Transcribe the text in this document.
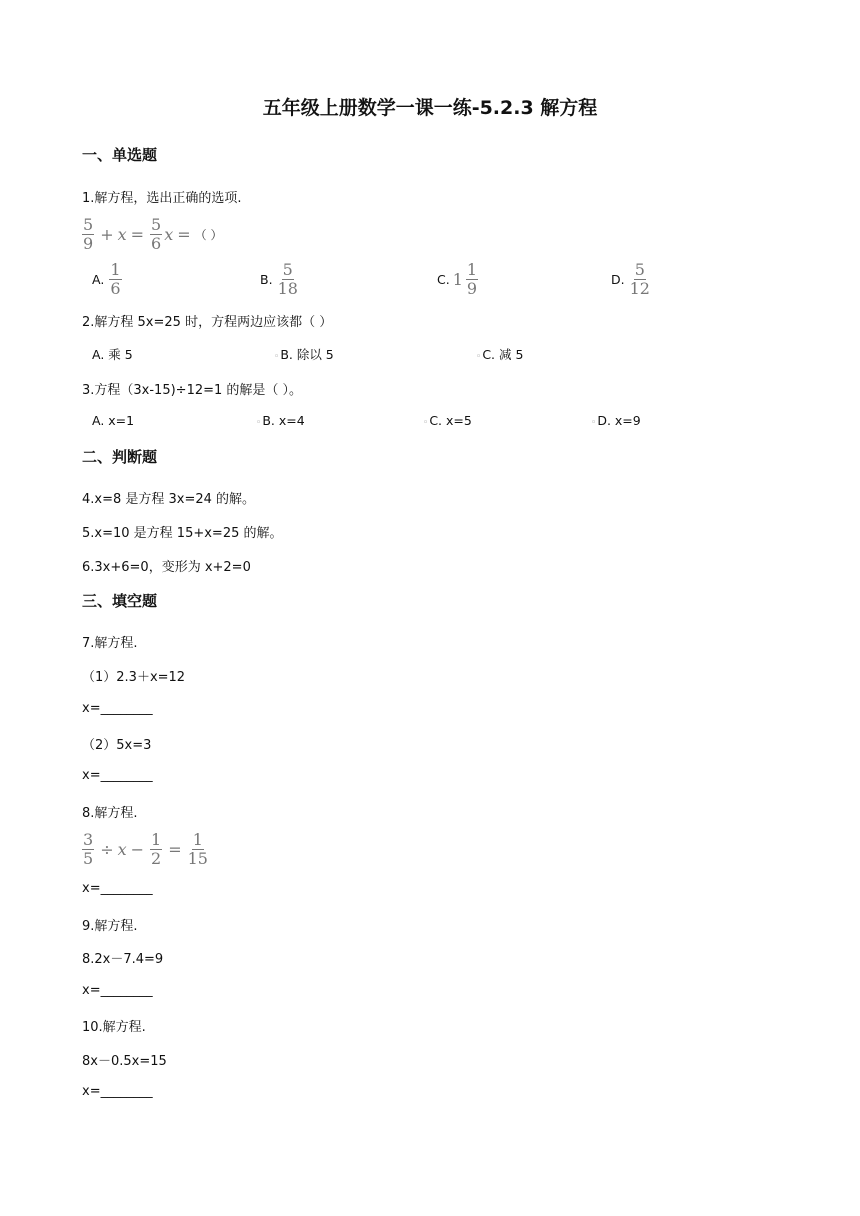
五年级上册数学一课一练-5.2.3 解方程
一、单选题
1.解方程，选出正确的选项.
$\frac{5}{9} + x = \frac{5}{6}$ x = （ ）
A. $\frac{1}{6}$	B. $\frac{5}{18}$	C. $1 \frac{1}{9}$	D. $\frac{5}{12}$
2.解方程 5x=25 时，方程两边应该都（ ）
A. 乘 5	◦B. 除以 5	◦C. 减 5
3.方程（3x-15)÷12=1 的解是（ ）。
A. x=1	◦B. x=4	◦C. x=5	◦D. x=9
二、判断题
4.x=8 是方程 3x=24 的解。
5.x=10 是方程 15+x=25 的解。
6.3x+6=0，变形为 x+2=0
三、填空题
7.解方程.
（1）2.3＋x=12
x=________
（2）5x=3
x=________
8.解方程.
$\frac{3}{5} \div x - \frac{1}{2} = \frac{1}{15}$
x=________
9.解方程.
8.2x－7.4=9
x=________
10.解方程.
8x－0.5x=15
x=________
